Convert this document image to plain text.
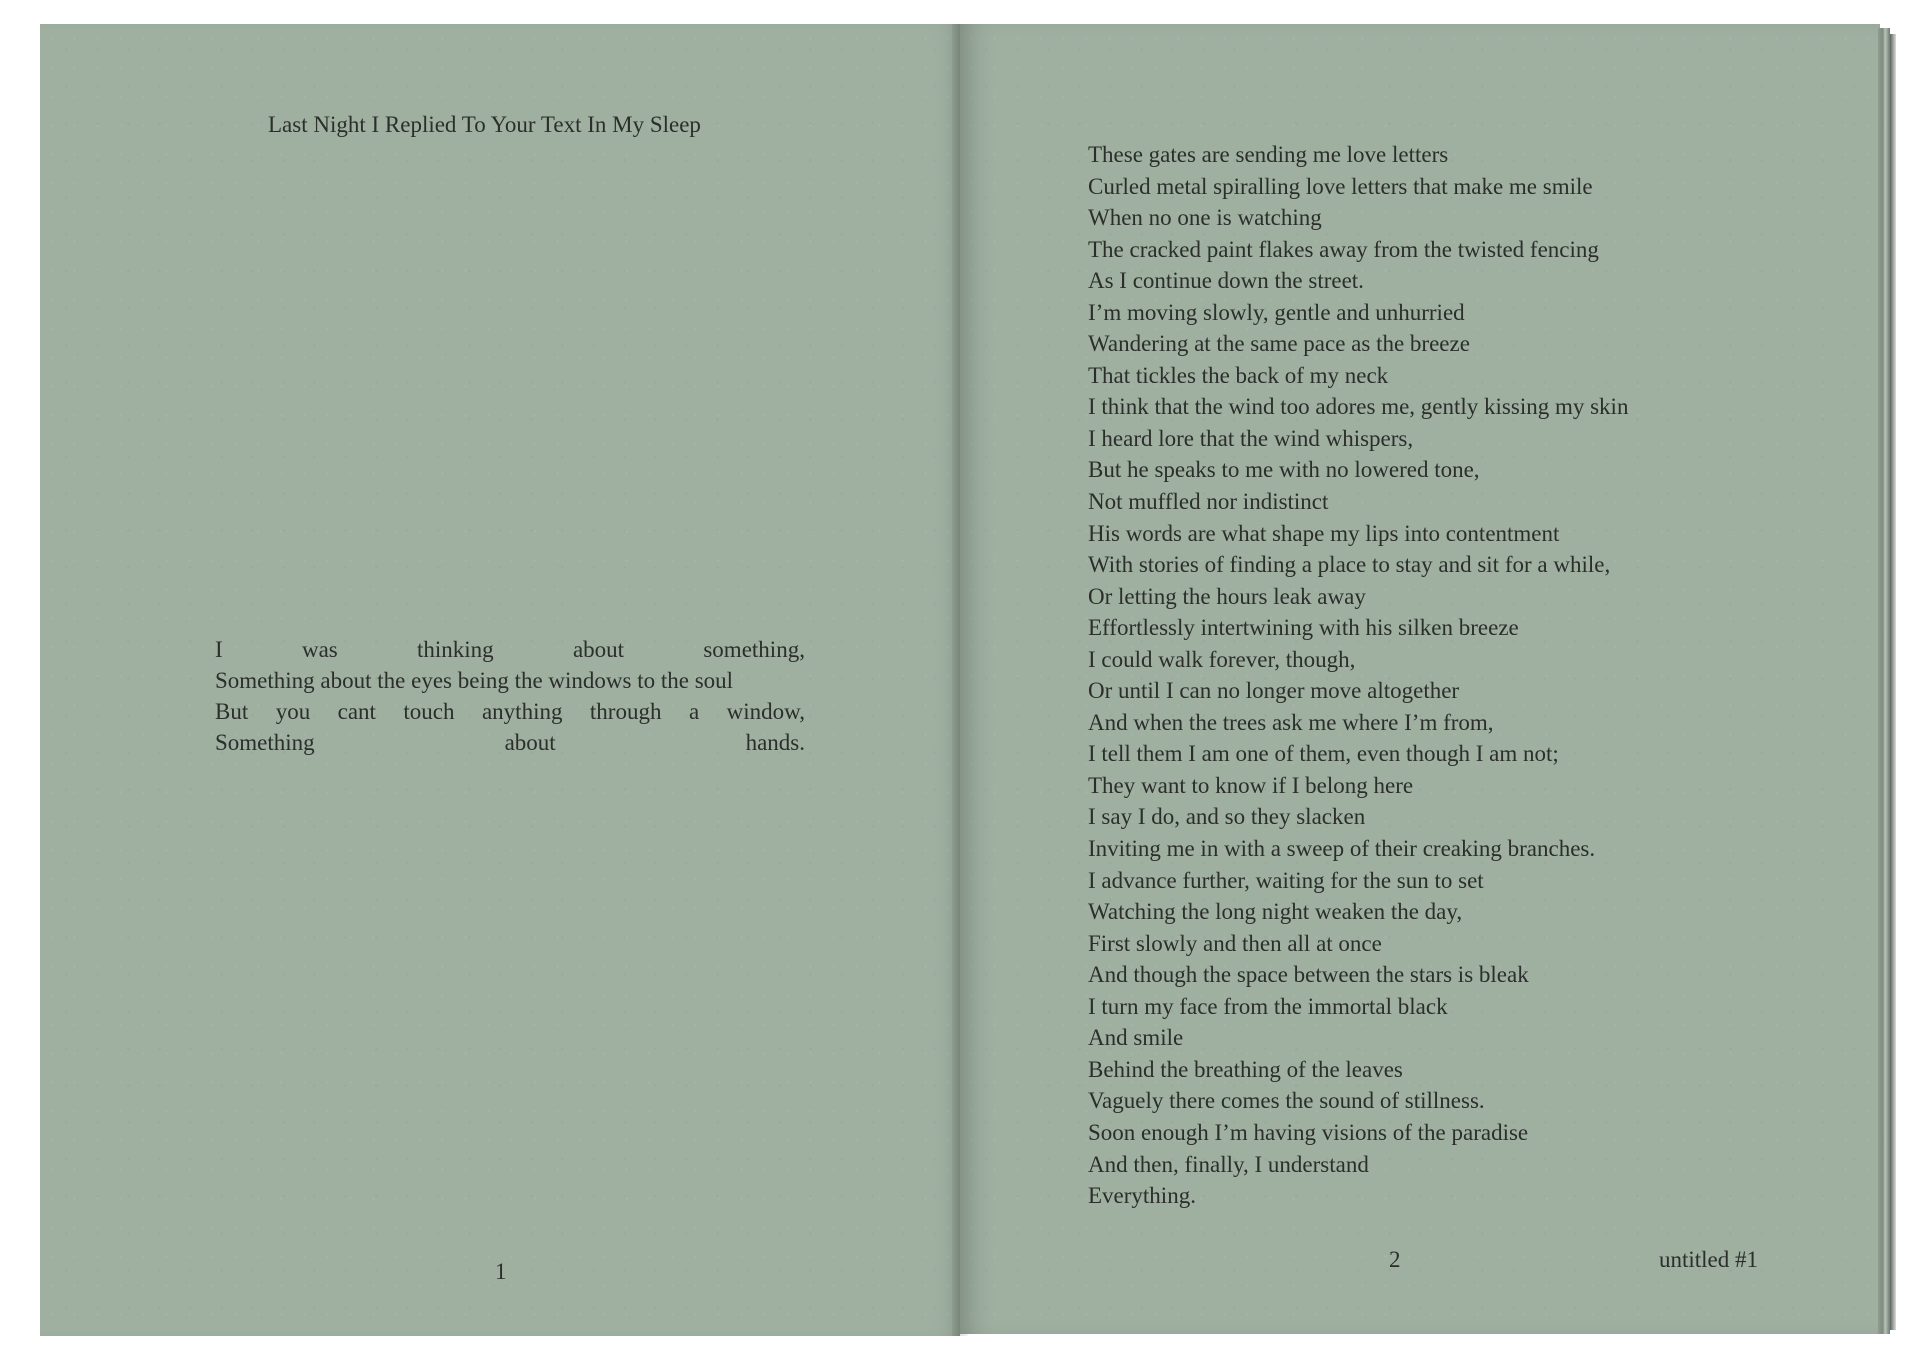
Last Night I Replied To Your Text In My Sleep
I	was	thinking	about	something,
Something about the eyes being the windows to the soul
But you cant touch anything through a window,
Something	about	hands.
1
These gates are sending me love letters
Curled metal spiralling love letters that make me smile
When no one is watching
The cracked paint flakes away from the twisted fencing
As I continue down the street.
I’m moving slowly, gentle and unhurried
Wandering at the same pace as the breeze
That tickles the back of my neck
I think that the wind too adores me, gently kissing my skin
I heard lore that the wind whispers,
But he speaks to me with no lowered tone,
Not muffled nor indistinct
His words are what shape my lips into contentment
With stories of finding a place to stay and sit for a while,
Or letting the hours leak away
Effortlessly intertwining with his silken breeze
I could walk forever, though,
Or until I can no longer move altogether
And when the trees ask me where I’m from,
I tell them I am one of them, even though I am not;
They want to know if I belong here
I say I do, and so they slacken
Inviting me in with a sweep of their creaking branches.
I advance further, waiting for the sun to set
Watching the long night weaken the day,
First slowly and then all at once
And though the space between the stars is bleak
I turn my face from the immortal black
And smile
Behind the breathing of the leaves
Vaguely there comes the sound of stillness.
Soon enough I’m having visions of the paradise
And then, finally, I understand
Everything.
2	untitled #1
